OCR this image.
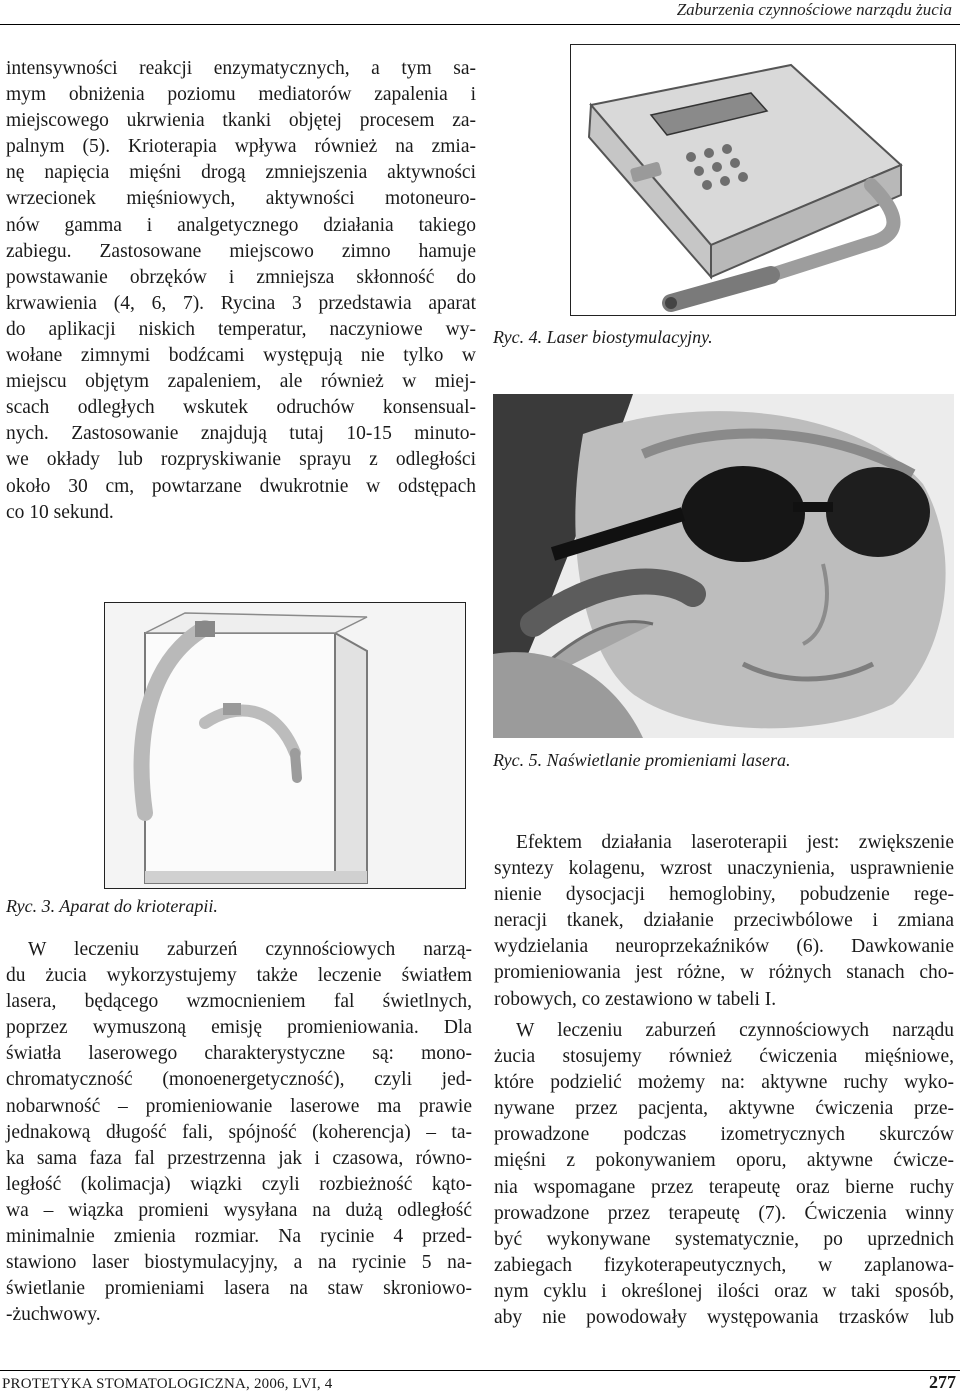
Zaburzenia czynnościowe narządu żucia
intensywności reakcji enzymatycznych, a tym sa-
mym obniżenia poziomu mediatorów zapalenia i
miejscowego ukrwienia tkanki objętej procesem za-
palnym (5). Krioterapia wpływa również na zmia-
nę napięcia mięśni drogą zmniejszenia aktywności
wrzecionek mięśniowych, aktywności motoneuro-
nów gamma i analgetycznego działania takiego
zabiegu. Zastosowane miejscowo zimno hamuje
powstawanie obrzęków i zmniejsza skłonność do
krwawienia (4, 6, 7). Rycina 3 przedstawia aparat
do aplikacji niskich temperatur, naczyniowe wy-
wołane zimnymi bodźcami występują nie tylko w
miejscu objętym zapaleniem, ale również w miej-
scach odległych wskutek odruchów konsensual-
nych. Zastosowanie znajdują tutaj 10-15 minuto-
we okłady lub rozpryskiwanie sprayu z odległości
około 30 cm, powtarzane dwukrotnie w odstępach
co 10 sekund.

Ryc. 4. Laser biostymulacyjny.

Ryc. 5. Naświetlanie promieniami lasera.

Ryc. 3. Aparat do krioterapii.

W leczeniu zaburzeń czynnościowych narzą-
du żucia wykorzystujemy także leczenie światłem
lasera, będącego wzmocnieniem fal świetlnych,
poprzez wymuszoną emisję promieniowania. Dla
światła laserowego charakterystyczne są: mono-
chromatyczność (monoenergetyczność), czyli jed-
nobarwność – promieniowanie laserowe ma prawie
jednakową długość fali, spójność (koherencja) – ta-
ka sama faza fal przestrzenna jak i czasowa, równo-
ległość (kolimacja) wiązki czyli rozbieżność kąto-
wa – wiązka promieni wysyłana na dużą odległość
minimalnie zmienia rozmiar. Na rycinie 4 przed-
stawiono laser biostymulacyjny, a na rycinie 5 na-
świetlanie promieniami lasera na staw skroniowo-
-żuchwowy.
Efektem działania laseroterapii jest: zwiększenie
syntezy kolagenu, wzrost unaczynienia, usprawnienie
nienie dysocjacji hemoglobiny, pobudzenie rege-
neracji tkanek, działanie przeciwbólowe i zmiana
wydzielania neuroprzekaźników (6). Dawkowanie
promieniowania jest różne, w różnych stanach cho-
robowych, co zestawiono w tabeli I.
W leczeniu zaburzeń czynnościowych narządu
żucia stosujemy również ćwiczenia mięśniowe,
które podzielić możemy na: aktywne ruchy wyko-
nywane przez pacjenta, aktywne ćwiczenia prze-
prowadzone podczas izometrycznych skurczów
mięśni z pokonywaniem oporu, aktywne ćwicze-
nia wspomagane przez terapeutę oraz bierne ruchy
prowadzone przez terapeutę (7). Ćwiczenia winny
być wykonywane systematycznie, po uprzednich
zabiegach fizykoterapeutycznych, w zaplanowa-
nym cyklu i określonej ilości oraz w taki sposób,
aby nie powodowały występowania trzasków lub
PROTETYKA STOMATOLOGICZNA, 2006, LVI, 4	277
